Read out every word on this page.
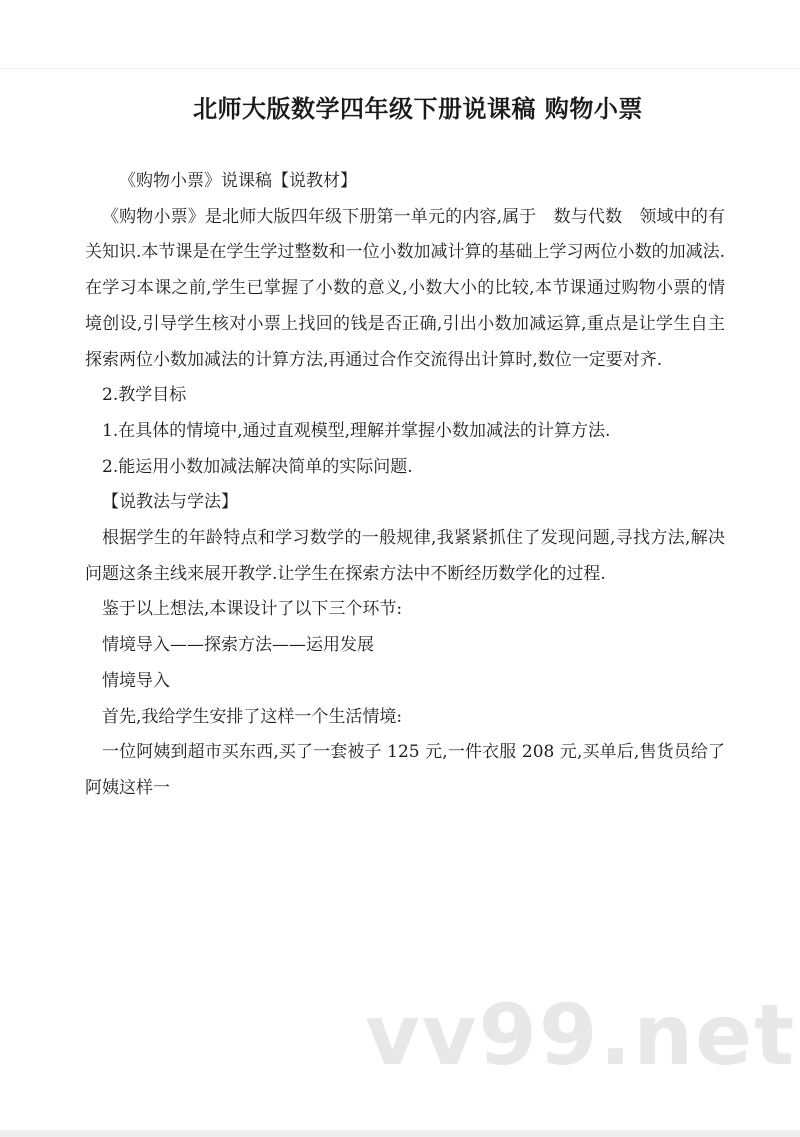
北师大版数学四年级下册说课稿 购物小票

《购物小票》说课稿【说教材】

《购物小票》是北师大版四年级下册第一单元的内容,属于　数与代数　领域中的有关知识.本节课是在学生学过整数和一位小数加减计算的基础上学习两位小数的加减法.在学习本课之前,学生已掌握了小数的意义,小数大小的比较,本节课通过购物小票的情境创设,引导学生核对小票上找回的钱是否正确,引出小数加减运算,重点是让学生自主探索两位小数加减法的计算方法,再通过合作交流得出计算时,数位一定要对齐.

2.教学目标

1.在具体的情境中,通过直观模型,理解并掌握小数加减法的计算方法.

2.能运用小数加减法解决简单的实际问题.

【说教法与学法】

根据学生的年龄特点和学习数学的一般规律,我紧紧抓住了发现问题,寻找方法,解决问题这条主线来展开教学.让学生在探索方法中不断经历数学化的过程.

鉴于以上想法,本课设计了以下三个环节:

情境导入——探索方法——运用发展

情境导入

首先,我给学生安排了这样一个生活情境:

一位阿姨到超市买东西,买了一套被子 125 元,一件衣服 208 元,买单后,售货员给了阿姨这样一

vv99.net
